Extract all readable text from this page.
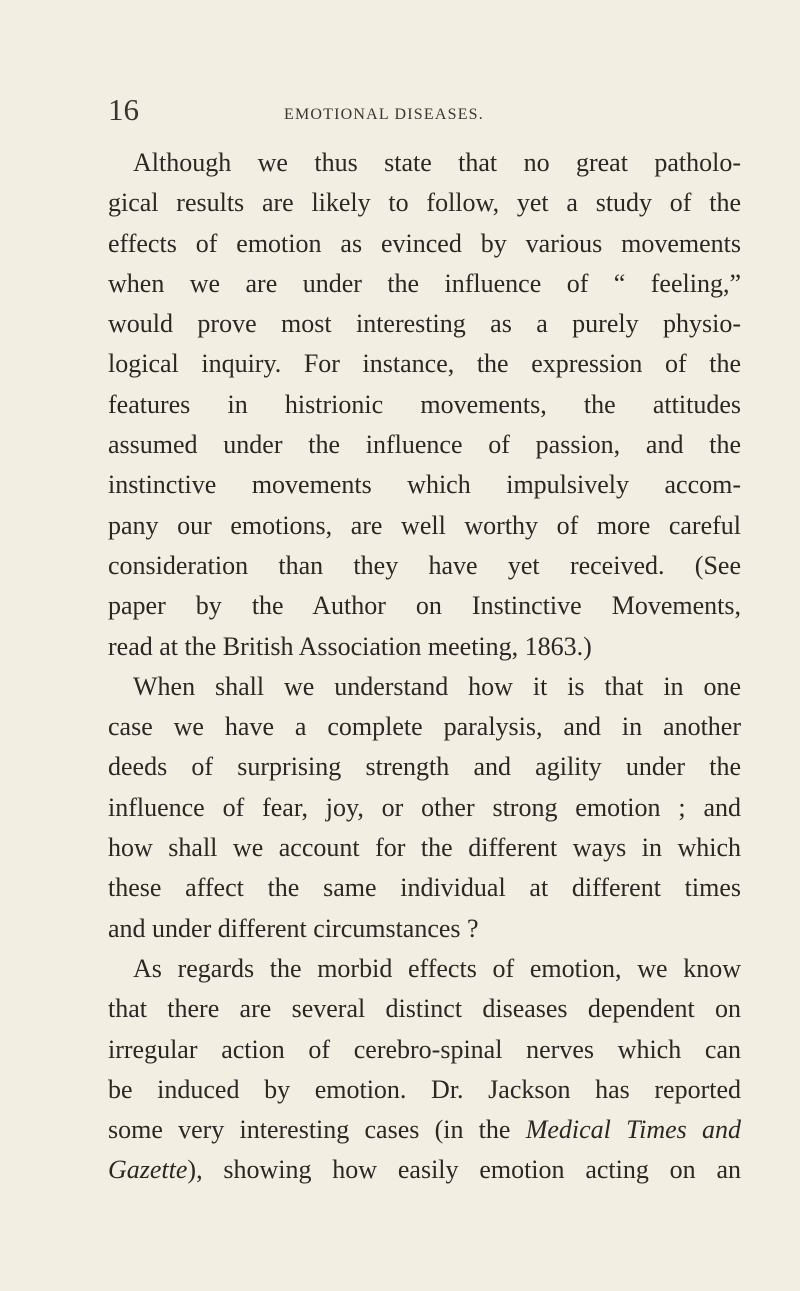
16	EMOTIONAL DISEASES.
Although we thus state that no great patholo-
gical results are likely to follow, yet a study of the
effects of emotion as evinced by various movements
when we are under the influence of “ feeling,”
would prove most interesting as a purely physio-
logical inquiry. For instance, the expression of the
features in histrionic movements, the attitudes
assumed under the influence of passion, and the
instinctive movements which impulsively accom-
pany our emotions, are well worthy of more careful
consideration than they have yet received. (See
paper by the Author on Instinctive Movements,
read at the British Association meeting, 1863.)
When shall we understand how it is that in one
case we have a complete paralysis, and in another
deeds of surprising strength and agility under the
influence of fear, joy, or other strong emotion ; and
how shall we account for the different ways in which
these affect the same individual at different times
and under different circumstances ?
As regards the morbid effects of emotion, we know
that there are several distinct diseases dependent on
irregular action of cerebro-spinal nerves which can
be induced by emotion. Dr. Jackson has reported
some very interesting cases (in the Medical Times and
Gazette), showing how easily emotion acting on an
